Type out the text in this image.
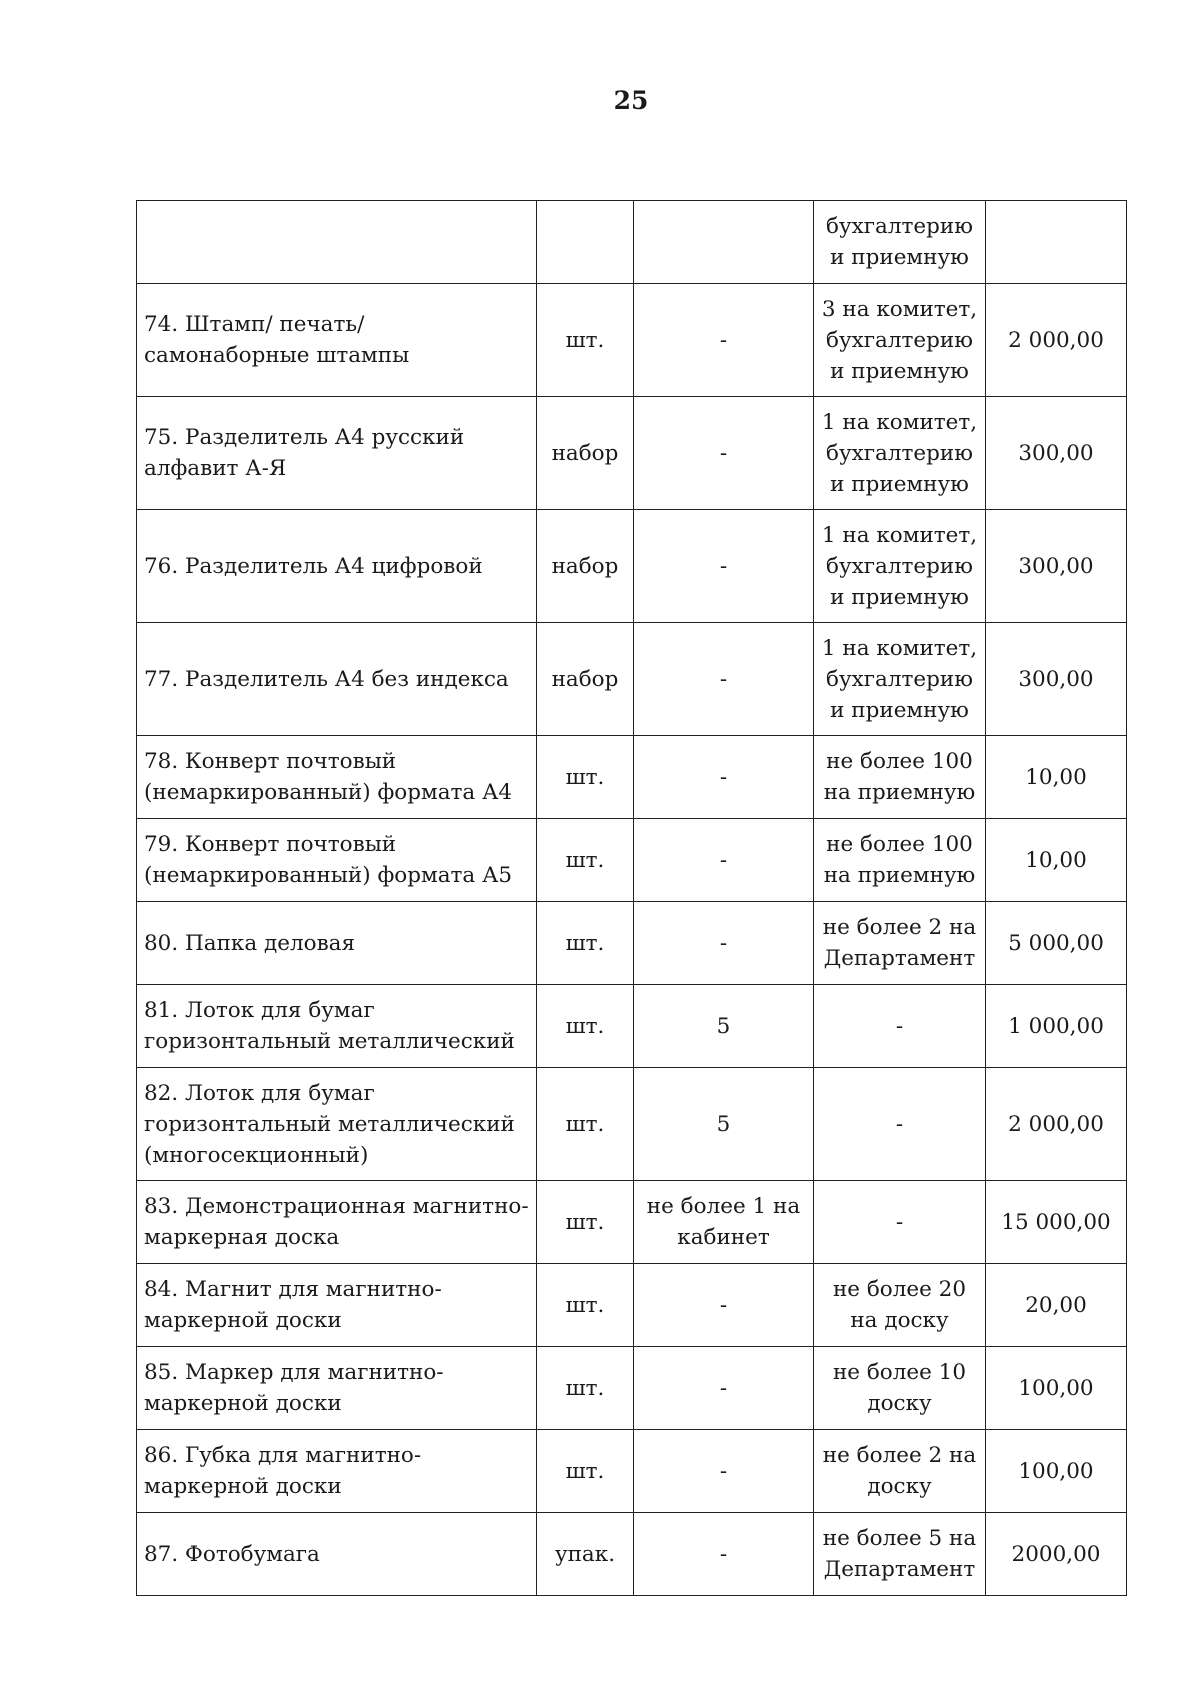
25
			бухгалтерию
и приемную	
74. Штамп/ печать/ самонаборные штампы	шт.	-	3 на комитет,
бухгалтерию
и приемную	2 000,00
75. Разделитель А4 русский алфавит А-Я	набор	-	1 на комитет,
бухгалтерию
и приемную	300,00
76. Разделитель А4 цифровой	набор	-	1 на комитет,
бухгалтерию
и приемную	300,00
77. Разделитель А4 без индекса	набор	-	1 на комитет,
бухгалтерию
и приемную	300,00
78. Конверт почтовый (немаркированный) формата А4	шт.	-	не более 100
на приемную	10,00
79. Конверт почтовый (немаркированный) формата А5	шт.	-	не более 100
на приемную	10,00
80. Папка деловая	шт.	-	не более 2 на
Департамент	5 000,00
81. Лоток для бумаг горизонтальный металлический	шт.	5	-	1 000,00
82. Лоток для бумаг горизонтальный металлический (многосекционный)	шт.	5	-	2 000,00
83. Демонстрационная магнитно-маркерная доска	шт.	не более 1 на
кабинет	-	15 000,00
84. Магнит для магнитно-маркерной доски	шт.	-	не более 20
на доску	20,00
85. Маркер для магнитно-маркерной доски	шт.	-	не более 10
доску	100,00
86. Губка для магнитно-маркерной доски	шт.	-	не более 2 на
доску	100,00
87. Фотобумага	упак.	-	не более 5 на
Департамент	2000,00
